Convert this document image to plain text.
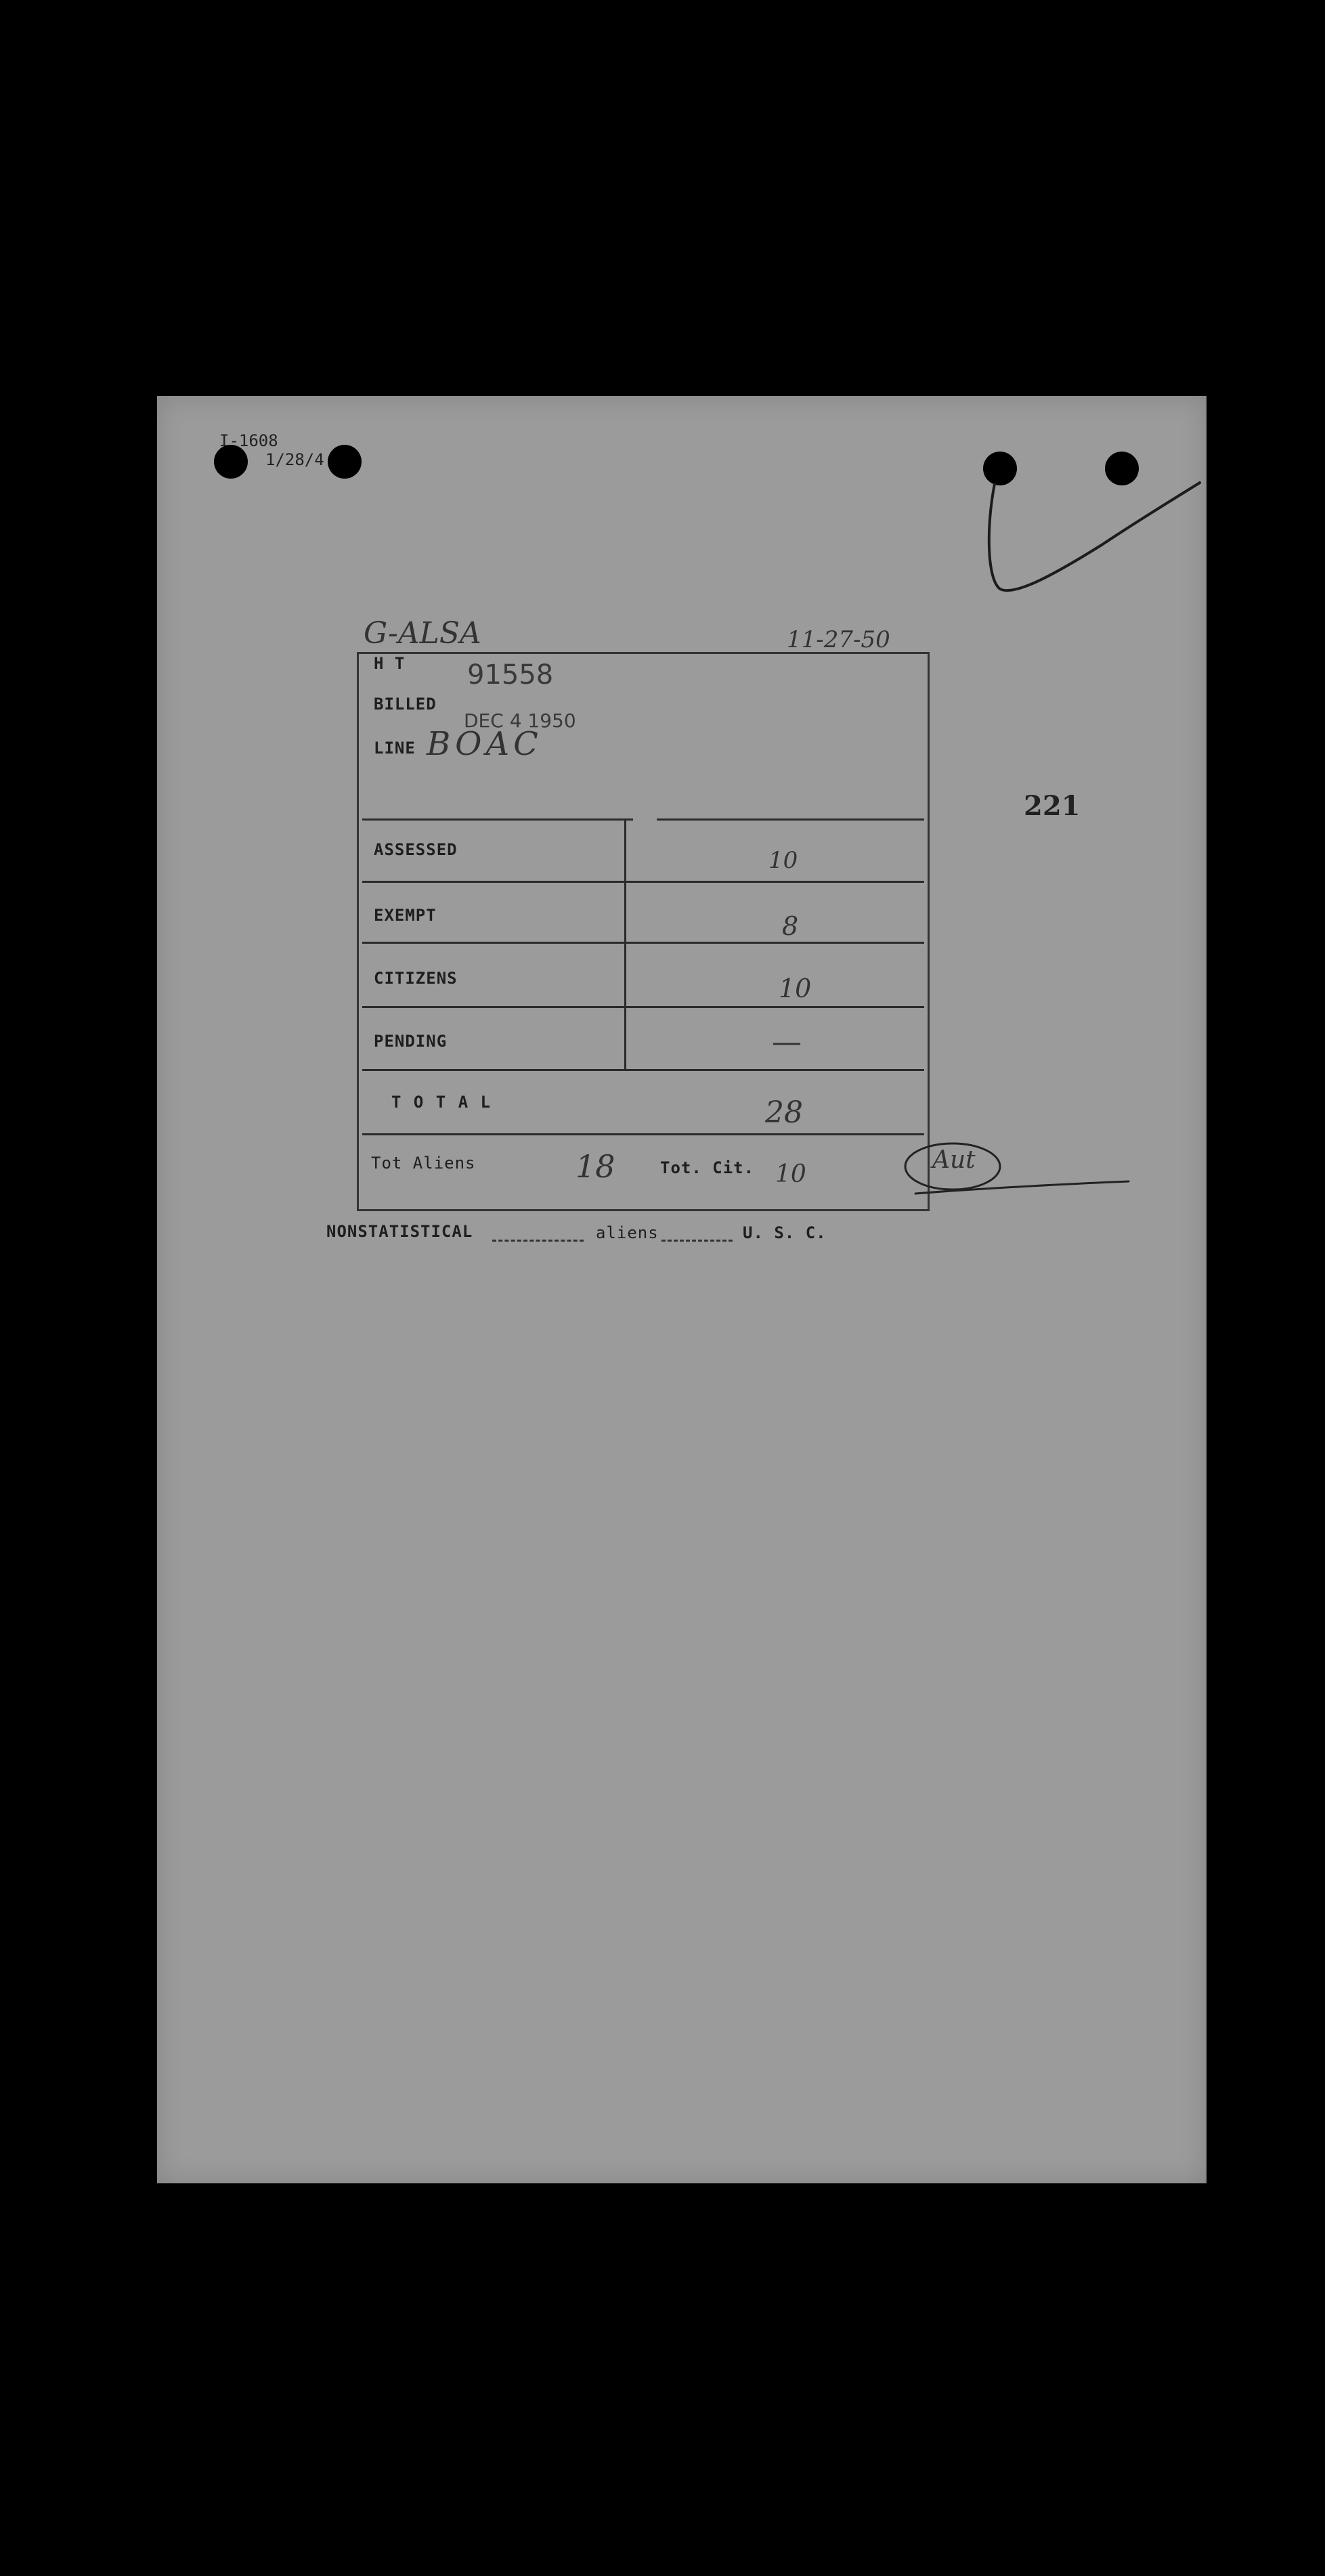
I-1608
1/28/4
G-ALSA	11-27-50
221
H T 91558
BILLED
DEC 4 1950
LINE BOAC
ASSESSED	10
EXEMPT	8
CITIZENS	10
PENDING	—
T O T A L	28
Tot Aliens	18	Tot. Cit. 10
Aut
NONSTATISTICAL	aliens	U. S. C.
